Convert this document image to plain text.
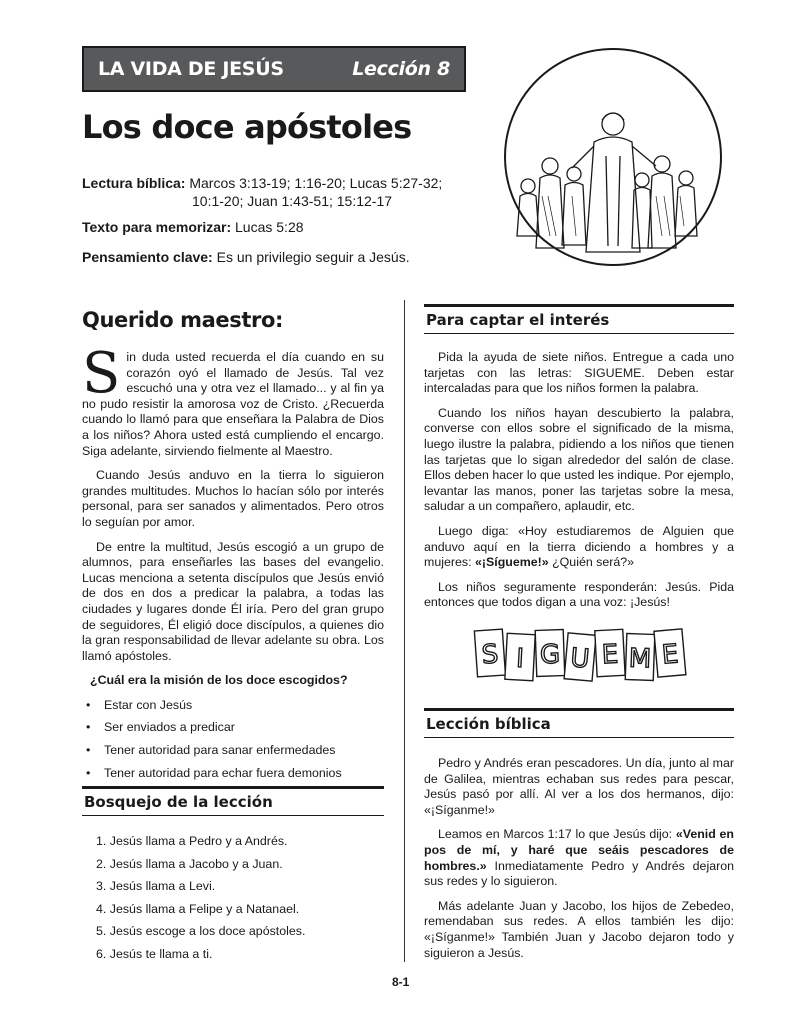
LA VIDA DE JESÚS	Lección 8
Los doce apóstoles
Lectura bíblica: Marcos 3:13-19; 1:16-20; Lucas 5:27-32;
10:1-20; Juan 1:43-51; 15:12-17
Texto para memorizar: Lucas 5:28
Pensamiento clave: Es un privilegio seguir a Jesús.
Querido maestro:

Sin duda usted recuerda el día cuando en su corazón oyó el llamado de Jesús. Tal vez escuchó una y otra vez el llamado... y al fin ya no pudo resistir la amorosa voz de Cristo. ¿Recuerda cuando lo llamó para que enseñara la Palabra de Dios a los niños? Ahora usted está cumpliendo el encargo. Siga adelante, sirviendo fielmente al Maestro.

Cuando Jesús anduvo en la tierra lo siguieron grandes multitudes. Muchos lo hacían sólo por interés personal, para ser sanados y alimentados. Pero otros lo seguían por amor.

De entre la multitud, Jesús escogió a un grupo de alumnos, para enseñarles las bases del evangelio. Lucas menciona a setenta discípulos que Jesús envió de dos en dos a predicar la palabra, a todas las ciudades y lugares donde Él iría. Pero del gran grupo de seguidores, Él eligió doce discípulos, a quienes dio la gran responsabilidad de llevar adelante su obra. Los llamó apóstoles.

¿Cuál era la misión de los doce escogidos?

• Estar con Jesús
• Ser enviados a predicar
• Tener autoridad para sanar enfermedades
• Tener autoridad para echar fuera demonios
Bosquejo de la lección
1. Jesús llama a Pedro y a Andrés.
2. Jesús llama a Jacobo y a Juan.
3. Jesús llama a Levi.
4. Jesús llama a Felipe y a Natanael.
5. Jesús escoge a los doce apóstoles.
6. Jesús te llama a ti.
Para captar el interés

Pida la ayuda de siete niños. Entregue a cada uno tarjetas con las letras: SIGUEME. Deben estar intercaladas para que los niños formen la palabra.

Cuando los niños hayan descubierto la palabra, converse con ellos sobre el significado de la misma, luego ilustre la palabra, pidiendo a los niños que tienen las tarjetas que lo sigan alrededor del salón de clase. Ellos deben hacer lo que usted les indique. Por ejemplo, levantar las manos, poner las tarjetas sobre la mesa, saludar a un compañero, aplaudir, etc.

Luego diga: «Hoy estudiaremos de Alguien que anduvo aquí en la tierra diciendo a hombres y a mujeres: «¡Sígueme!» ¿Quién será?»

Los niños seguramente responderán: Jesús. Pida entonces que todos digan a una voz: ¡Jesús!

S I G U E M E
Lección bíblica

Pedro y Andrés eran pescadores. Un día, junto al mar de Galilea, mientras echaban sus redes para pescar, Jesús pasó por allí. Al ver a los dos hermanos, dijo: «¡Síganme!»

Leamos en Marcos 1:17 lo que Jesús dijo: «Venid en pos de mí, y haré que seáis pescadores de hombres.» Inmediatamente Pedro y Andrés dejaron sus redes y lo siguieron.

Más adelante Juan y Jacobo, los hijos de Zebedeo, remendaban sus redes. A ellos también les dijo: «¡Síganme!» También Juan y Jacobo dejaron todo y siguieron a Jesús.

8-1
